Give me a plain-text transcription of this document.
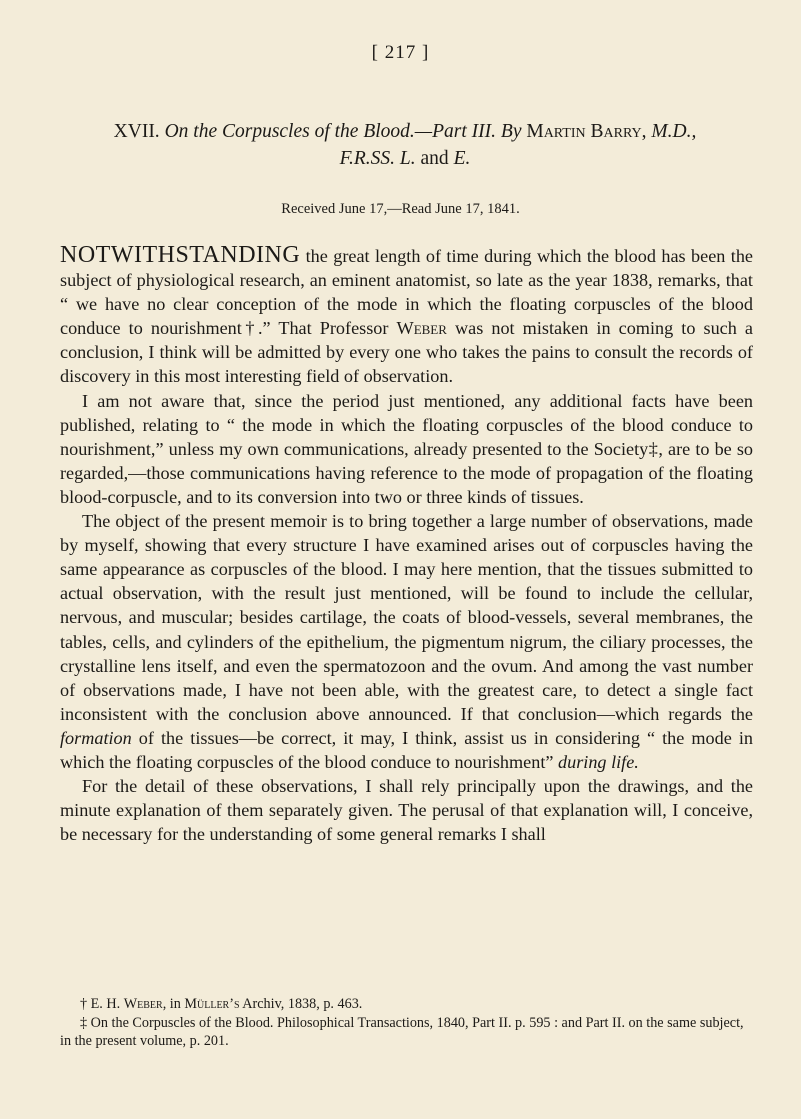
[ 217 ]
XVII. On the Corpuscles of the Blood.—Part III. By Martin Barry, M.D.,
F.R.SS. L. and E.
Received June 17,—Read June 17, 1841.

NOTWITHSTANDING the great length of time during which the blood has been the subject of physiological research, an eminent anatomist, so late as the year 1838, remarks, that “ we have no clear conception of the mode in which the floating corpuscles of the blood conduce to nourishment†.” That Professor Weber was not mistaken in coming to such a conclusion, I think will be admitted by every one who takes the pains to consult the records of discovery in this most interesting field of observation.

I am not aware that, since the period just mentioned, any additional facts have been published, relating to “ the mode in which the floating corpuscles of the blood conduce to nourishment,” unless my own communications, already presented to the Society‡, are to be so regarded,—those communications having reference to the mode of propagation of the floating blood-corpuscle, and to its conversion into two or three kinds of tissues.

The object of the present memoir is to bring together a large number of observations, made by myself, showing that every structure I have examined arises out of corpuscles having the same appearance as corpuscles of the blood. I may here mention, that the tissues submitted to actual observation, with the result just mentioned, will be found to include the cellular, nervous, and muscular; besides cartilage, the coats of blood-vessels, several membranes, the tables, cells, and cylinders of the epithelium, the pigmentum nigrum, the ciliary processes, the crystalline lens itself, and even the spermatozoon and the ovum. And among the vast number of observations made, I have not been able, with the greatest care, to detect a single fact inconsistent with the conclusion above announced. If that conclusion—which regards the formation of the tissues—be correct, it may, I think, assist us in considering “ the mode in which the floating corpuscles of the blood conduce to nourishment” during life.

For the detail of these observations, I shall rely principally upon the drawings, and the minute explanation of them separately given. The perusal of that explanation will, I conceive, be necessary for the understanding of some general remarks I shall

† E. H. Weber, in Müller’s Archiv, 1838, p. 463.

‡ On the Corpuscles of the Blood. Philosophical Transactions, 1840, Part II. p. 595 : and Part II. on the same subject, in the present volume, p. 201.
